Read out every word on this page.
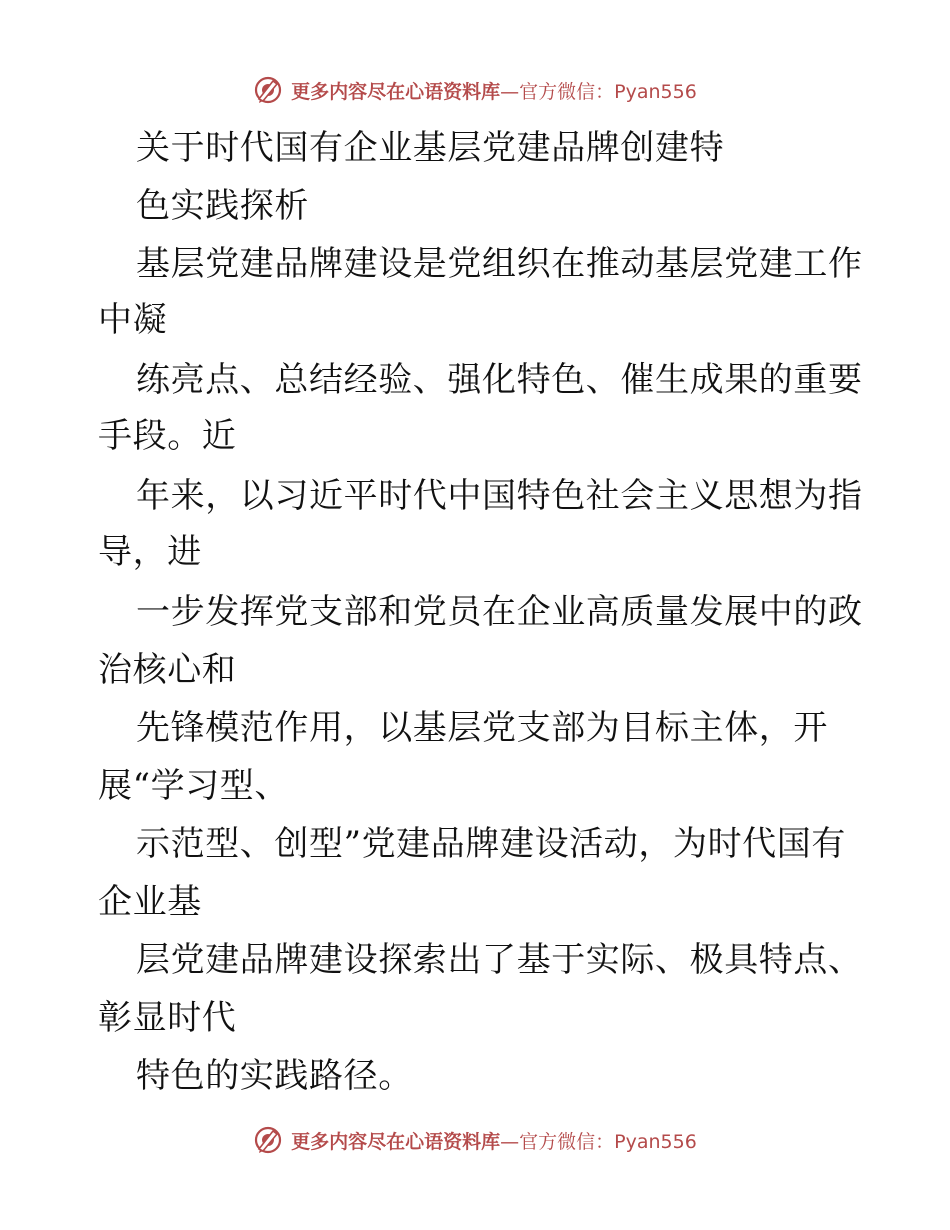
更多内容尽在心语资料库 —官方微信：Pyan556
关于时代国有企业基层党建品牌创建特
色实践探析
基层党建品牌建设是党组织在推动基层党建工作
中凝
练亮点、总结经验、强化特色、催生成果的重要
手段。近
年来，以习近平时代中国特色社会主义思想为指
导，进
一步发挥党支部和党员在企业高质量发展中的政
治核心和
先锋模范作用，以基层党支部为目标主体，开
展“学习型、
示范型、创型”党建品牌建设活动，为时代国有
企业基
层党建品牌建设探索出了基于实际、极具特点、
彰显时代
特色的实践路径。
更多内容尽在心语资料库 —官方微信：Pyan556
